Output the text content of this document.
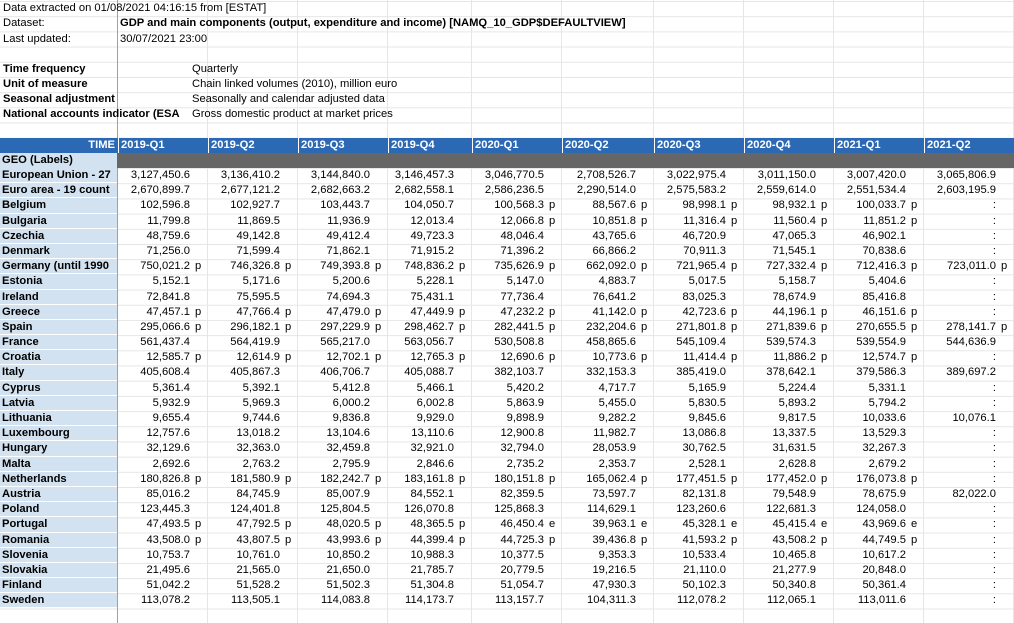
Data extracted on 01/08/2021 04:16:15 from [ESTAT]
Dataset:	GDP and main components (output, expenditure and income) [NAMQ_10_GDP$DEFAULTVIEW]
Last updated:	30/07/2021 23:00
Time frequency	Quarterly
Unit of measure	Chain linked volumes (2010), million euro
Seasonal adjustment	Seasonally and calendar adjusted data
National accounts indicator (ESA	Gross domestic product at market prices
TIME 2019-Q1	2019-Q2	2019-Q3	2019-Q4	2020-Q1	2020-Q2	2020-Q3	2020-Q4	2021-Q1	2021-Q2
GEO (Labels)
European Union - 27	3,127,450.6	3,136,410.2	3,144,840.0	3,146,457.3	3,046,770.5	2,708,526.7	3,022,975.4	3,011,150.0	3,007,420.0	3,065,806.9
Euro area - 19 count	2,670,899.7	2,677,121.2	2,682,663.2	2,682,558.1	2,586,236.5	2,290,514.0	2,575,583.2	2,559,614.0	2,551,534.4	2,603,195.9
Belgium	102,596.8	102,927.7	103,443.7	104,050.7	100,568.3 p	88,567.6 p	98,998.1 p	98,932.1 p	100,033.7 p	:
Bulgaria	11,799.8	11,869.5	11,936.9	12,013.4	12,066.8 p	10,851.8 p	11,316.4 p	11,560.4 p	11,851.2 p	:
Czechia	48,759.6	49,142.8	49,412.4	49,723.3	48,046.4	43,765.6	46,720.9	47,065.3	46,902.1	:
Denmark	71,256.0	71,599.4	71,862.1	71,915.2	71,396.2	66,866.2	70,911.3	71,545.1	70,838.6	:
Germany (until 1990	750,021.2 p	746,326.8 p	749,393.8 p	748,836.2 p	735,626.9 p	662,092.0 p	721,965.4 p	727,332.4 p	712,416.3 p	723,011.0 p
Estonia	5,152.1	5,171.6	5,200.6	5,228.1	5,147.0	4,883.7	5,017.5	5,158.7	5,404.6	:
Ireland	72,841.8	75,595.5	74,694.3	75,431.1	77,736.4	76,641.2	83,025.3	78,674.9	85,416.8	:
Greece	47,457.1 p	47,766.4 p	47,479.0 p	47,449.9 p	47,232.2 p	41,142.0 p	42,723.6 p	44,196.1 p	46,151.6 p	:
Spain	295,066.6 p	296,182.1 p	297,229.9 p	298,462.7 p	282,441.5 p	232,204.6 p	271,801.8 p	271,839.6 p	270,655.5 p	278,141.7 p
France	561,437.4	564,419.9	565,217.0	563,056.7	530,508.8	458,865.6	545,109.4	539,574.3	539,554.9	544,636.9
Croatia	12,585.7 p	12,614.9 p	12,702.1 p	12,765.3 p	12,690.6 p	10,773.6 p	11,414.4 p	11,886.2 p	12,574.7 p	:
Italy	405,608.4	405,867.3	406,706.7	405,088.7	382,103.7	332,153.3	385,419.0	378,642.1	379,586.3	389,697.2
Cyprus	5,361.4	5,392.1	5,412.8	5,466.1	5,420.2	4,717.7	5,165.9	5,224.4	5,331.1	:
Latvia	5,932.9	5,969.3	6,000.2	6,002.8	5,863.9	5,455.0	5,830.5	5,893.2	5,794.2	:
Lithuania	9,655.4	9,744.6	9,836.8	9,929.0	9,898.9	9,282.2	9,845.6	9,817.5	10,033.6	10,076.1
Luxembourg	12,757.6	13,018.2	13,104.6	13,110.6	12,900.8	11,982.7	13,086.8	13,337.5	13,529.3	:
Hungary	32,129.6	32,363.0	32,459.8	32,921.0	32,794.0	28,053.9	30,762.5	31,631.5	32,267.3	:
Malta	2,692.6	2,763.2	2,795.9	2,846.6	2,735.2	2,353.7	2,528.1	2,628.8	2,679.2	:
Netherlands	180,826.8 p	181,580.9 p	182,242.7 p	183,161.8 p	180,151.8 p	165,062.4 p	177,451.5 p	177,452.0 p	176,073.8 p	:
Austria	85,016.2	84,745.9	85,007.9	84,552.1	82,359.5	73,597.7	82,131.8	79,548.9	78,675.9	82,022.0
Poland	123,445.3	124,401.8	125,804.5	126,070.8	125,868.3	114,629.1	123,260.6	122,681.3	124,058.0	:
Portugal	47,493.5 p	47,792.5 p	48,020.5 p	48,365.5 p	46,450.4 e	39,963.1 e	45,328.1 e	45,415.4 e	43,969.6 e	:
Romania	43,508.0 p	43,807.5 p	43,993.6 p	44,399.4 p	44,725.3 p	39,436.8 p	41,593.2 p	43,508.2 p	44,749.5 p	:
Slovenia	10,753.7	10,761.0	10,850.2	10,988.3	10,377.5	9,353.3	10,533.4	10,465.8	10,617.2	:
Slovakia	21,495.6	21,565.0	21,650.0	21,785.7	20,779.5	19,216.5	21,110.0	21,277.9	20,848.0	:
Finland	51,042.2	51,528.2	51,502.3	51,304.8	51,054.7	47,930.3	50,102.3	50,340.8	50,361.4	:
Sweden	113,078.2	113,505.1	114,083.8	114,173.7	113,157.7	104,311.3	112,078.2	112,065.1	113,011.6	:
